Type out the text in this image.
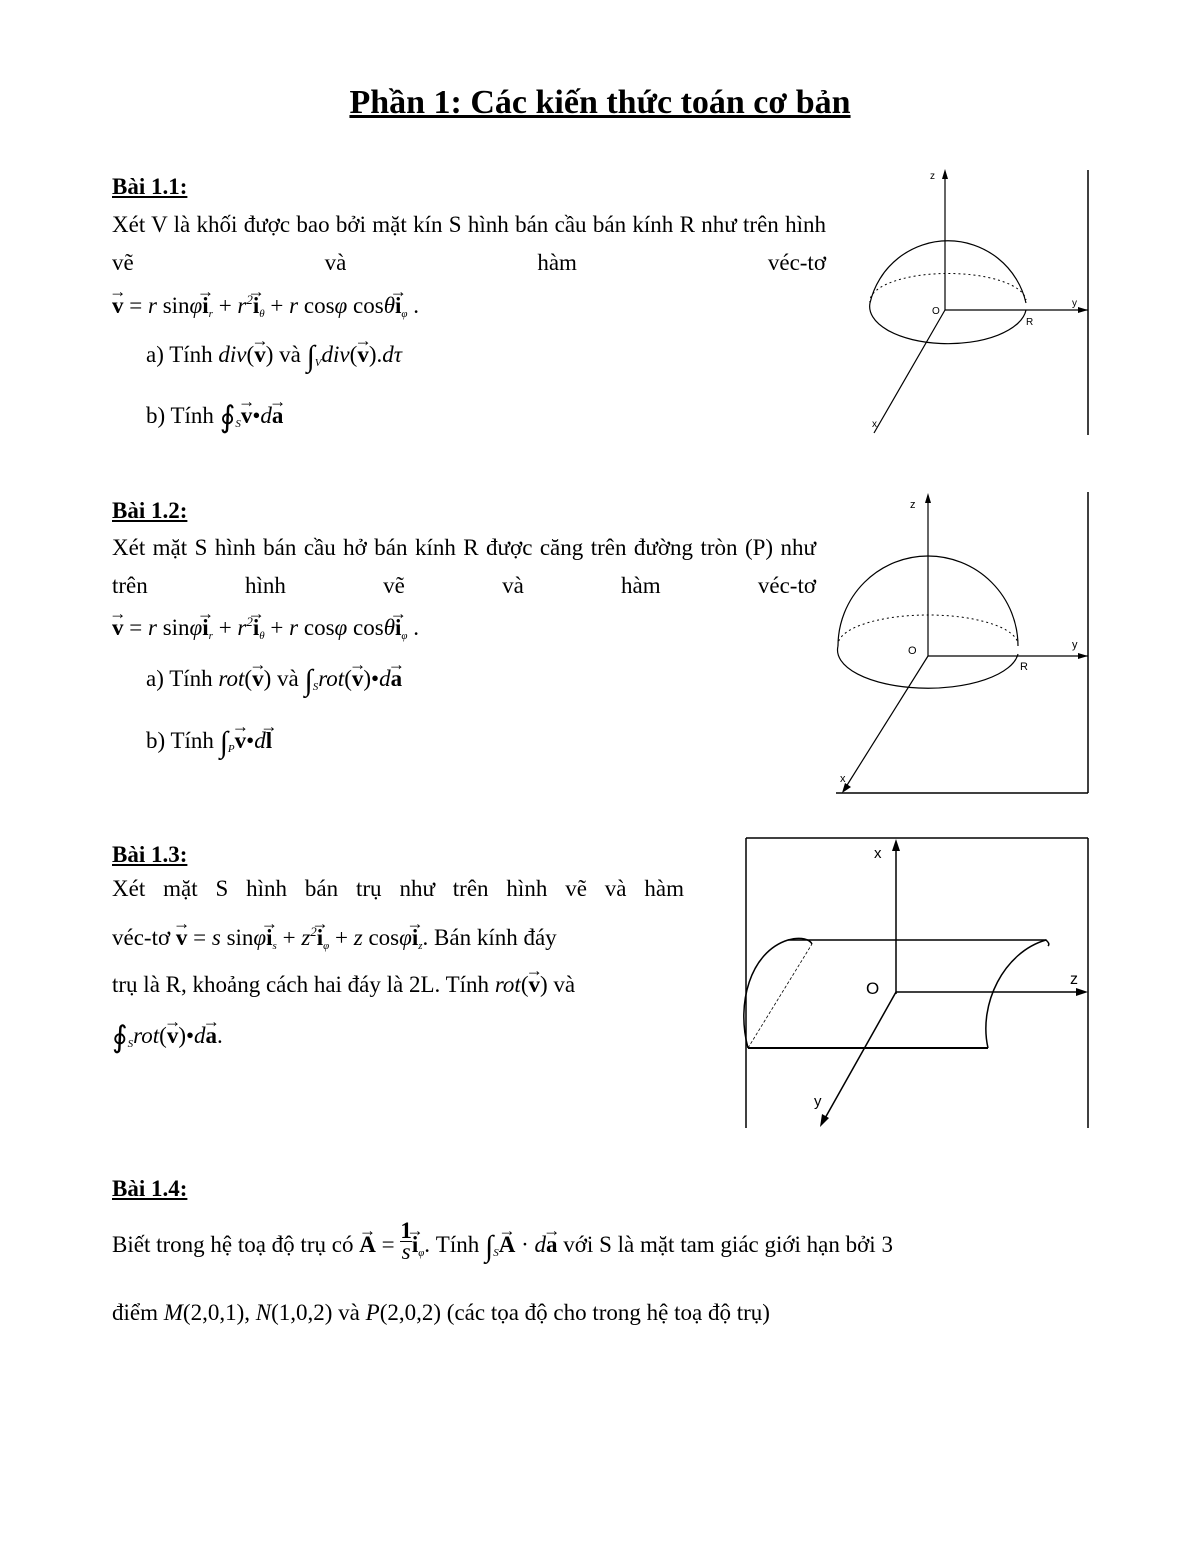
Phần 1: Các kiến thức toán cơ bản
Bài 1.1:
Xét V là khối được bao bởi mặt kín S hình bán cầu bán kính R như trên hình vẽ và hàm véc-tơ
→ v = r $\sin\varphi\to i_r + r^2\to i_\theta + r$ cosφ $\cos\theta\to i_\varphi$ .
a) Tính div(→ v) và $\int_Vdiv(\to v).d\tau$
b) Tính $∮_S\to$ v•d→ a
z
O
y
R
x
Bài 1.2:
Xét mặt S hình bán cầu hở bán kính R được căng trên đường tròn (P) như trên hình vẽ và hàm véc-tơ
→ v = r $\sin\varphi\to i_r + r^2\to i_\theta + r$ cosφ $\cos\theta\to i_\varphi$ .
a) Tính rot(→ v) và $\int_Srot(\to$ v)•d→ a
b) Tính $\int_P\to$ v•d→ l
z
O	y
R
x
Bài 1.3:
Xét mặt S hình bán trụ như trên hình vẽ và hàm
véc-tơ → v = s $\sin\varphi\to i_s + z^2\to i_\varphi + z$ $\cos\varphi\to i_z$. Bán kính đáy
trụ là R, khoảng cách hai đáy là 2L. Tính rot(→ v) và
$∮_Srot(\to$ v)•d→ a.
x
O	z
y
Bài 1.4:
Biết trong hệ toạ độ trụ có → $A = \frac{1}{s}$
→ $i_\varphi$. Tính $\int_S\to A \cdot d\to a$ với S là mặt tam giác giới hạn bởi 3
điểm M(2,0,1), N(1,0,2) và P(2,0,2) (các tọa độ cho trong hệ toạ độ trụ)
